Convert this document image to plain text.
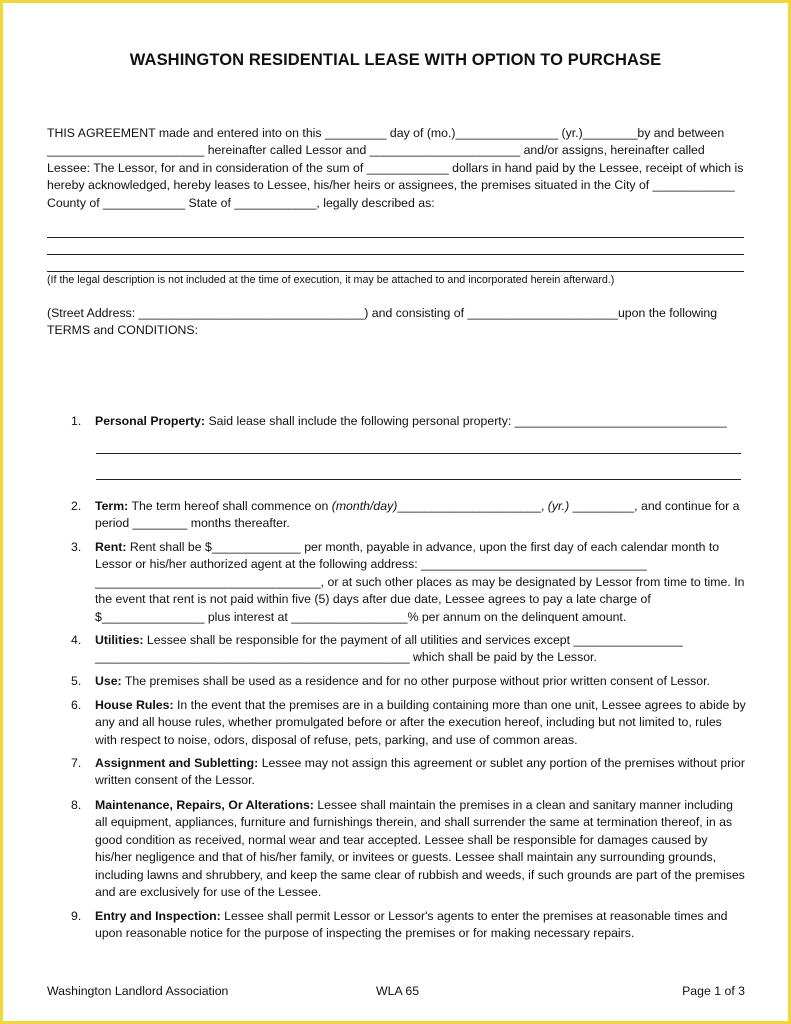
WASHINGTON RESIDENTIAL LEASE WITH OPTION TO PURCHASE

THIS AGREEMENT made and entered into on this _________ day of (mo.)_______________ (yr.)________by and between _______________________ hereinafter called Lessor and ______________________ and/or assigns, hereinafter called Lessee: The Lessor, for and in consideration of the sum of ____________ dollars in hand paid by the Lessee, receipt of which is hereby acknowledged, hereby leases to Lessee, his/her heirs or assignees, the premises situated in the City of ____________ County of ____________ State of ____________, legally described as:

(If the legal description is not included at the time of execution, it may be attached to and incorporated herein afterward.)

(Street Address: _________________________________) and consisting of ______________________upon the following TERMS and CONDITIONS:

1. Personal Property: Said lease shall include the following personal property: _______________________________
2. Term: The term hereof shall commence on (month/day)_____________________, (yr.) _________, and continue for a period ________ months thereafter.
3. Rent: Rent shall be $_____________ per month, payable in advance, upon the first day of each calendar month to Lessor or his/her authorized agent at the following address: _________________________________ _________________________________, or at such other places as may be designated by Lessor from time to time. In the event that rent is not paid within five (5) days after due date, Lessee agrees to pay a late charge of $_______________ plus interest at _________________% per annum on the delinquent amount.
4. Utilities: Lessee shall be responsible for the payment of all utilities and services except ________________ ______________________________________________ which shall be paid by the Lessor.
5. Use: The premises shall be used as a residence and for no other purpose without prior written consent of Lessor.
6. House Rules: In the event that the premises are in a building containing more than one unit, Lessee agrees to abide by any and all house rules, whether promulgated before or after the execution hereof, including but not limited to, rules with respect to noise, odors, disposal of refuse, pets, parking, and use of common areas.
7. Assignment and Subletting: Lessee may not assign this agreement or sublet any portion of the premises without prior written consent of the Lessor.
8. Maintenance, Repairs, Or Alterations: Lessee shall maintain the premises in a clean and sanitary manner including all equipment, appliances, furniture and furnishings therein, and shall surrender the same at termination thereof, in as good condition as received, normal wear and tear accepted. Lessee shall be responsible for damages caused by his/her negligence and that of his/her family, or invitees or guests. Lessee shall maintain any surrounding grounds, including lawns and shrubbery, and keep the same clear of rubbish and weeds, if such grounds are part of the premises and are exclusively for use of the Lessee.
9. Entry and Inspection: Lessee shall permit Lessor or Lessor's agents to enter the premises at reasonable times and upon reasonable notice for the purpose of inspecting the premises or for making necessary repairs.
Washington Landlord Association	WLA 65	Page 1 of 3
